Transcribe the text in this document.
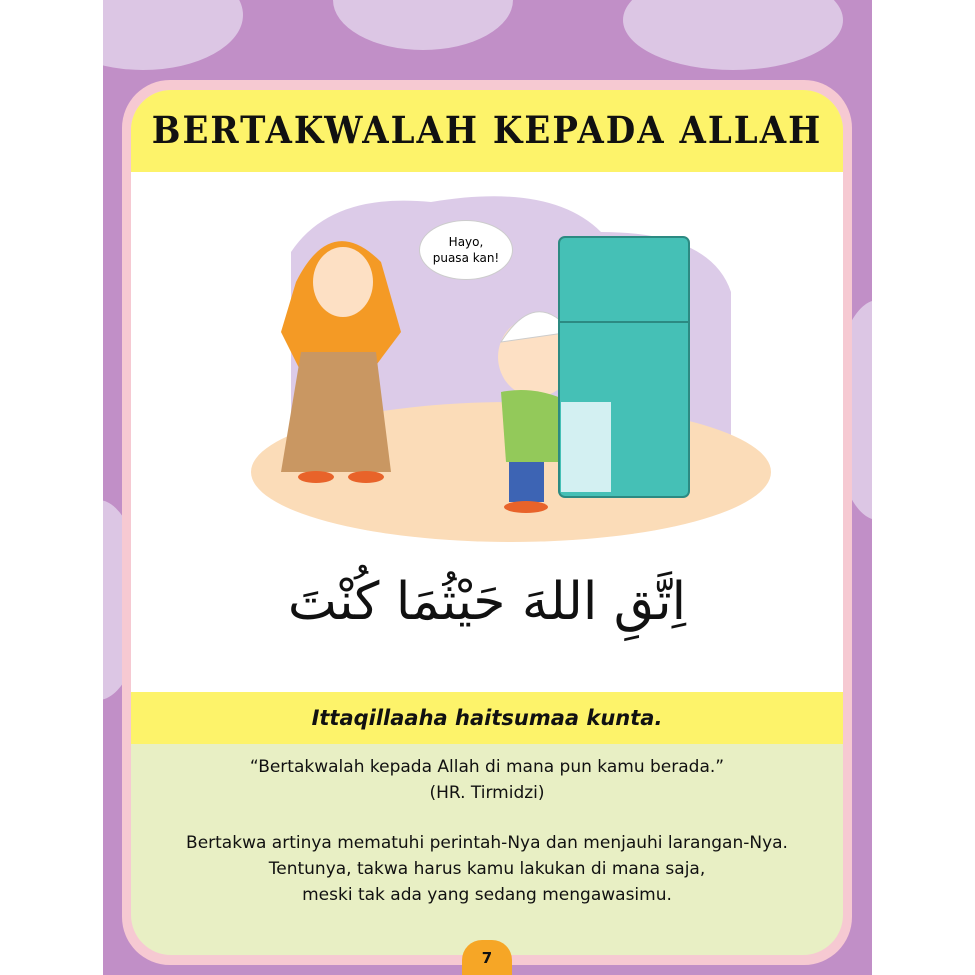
BERTAKWALAH KEPADA ALLAH
Hayo,
puasa kan!
اِتَّقِ اللهَ حَيْثُمَا كُنْتَ
Ittaqillaaha haitsumaa kunta.

“Bertakwalah kepada Allah di mana pun kamu berada.”

(HR. Tirmidzi)

Bertakwa artinya mematuhi perintah-Nya dan menjauhi larangan-Nya.

Tentunya, takwa harus kamu lakukan di mana saja,

meski tak ada yang sedang mengawasimu.

7
